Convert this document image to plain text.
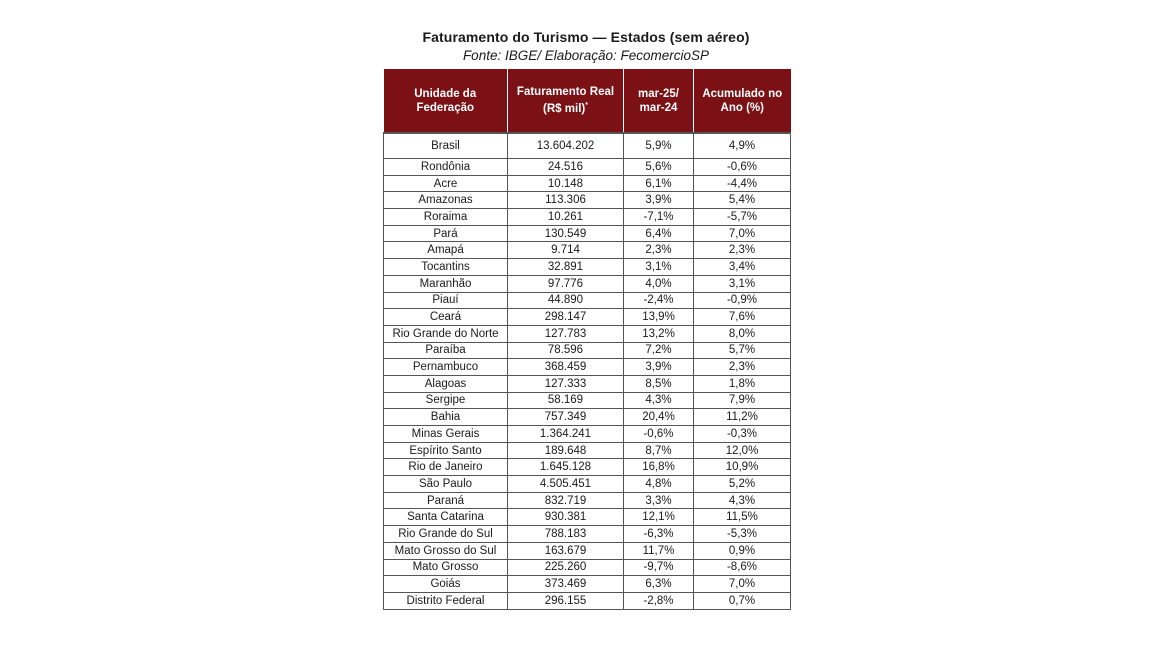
Faturamento do Turismo — Estados (sem aéreo)
Fonte: IBGE/ Elaboração: FecomercioSP
Unidade da Federação	Faturamento Real (R$ mil)*	mar-25/ mar-24	Acumulado no Ano (%)
Brasil	13.604.202	5,9%	4,9%
Rondônia	24.516	5,6%	-0,6%
Acre	10.148	6,1%	-4,4%
Amazonas	113.306	3,9%	5,4%
Roraima	10.261	-7,1%	-5,7%
Pará	130.549	6,4%	7,0%
Amapá	9.714	2,3%	2,3%
Tocantins	32.891	3,1%	3,4%
Maranhão	97.776	4,0%	3,1%
Piauí	44.890	-2,4%	-0,9%
Ceará	298.147	13,9%	7,6%
Rio Grande do Norte	127.783	13,2%	8,0%
Paraíba	78.596	7,2%	5,7%
Pernambuco	368.459	3,9%	2,3%
Alagoas	127.333	8,5%	1,8%
Sergipe	58.169	4,3%	7,9%
Bahia	757.349	20,4%	11,2%
Minas Gerais	1.364.241	-0,6%	-0,3%
Espírito Santo	189.648	8,7%	12,0%
Rio de Janeiro	1.645.128	16,8%	10,9%
São Paulo	4.505.451	4,8%	5,2%
Paraná	832.719	3,3%	4,3%
Santa Catarina	930.381	12,1%	11,5%
Rio Grande do Sul	788.183	-6,3%	-5,3%
Mato Grosso do Sul	163.679	11,7%	0,9%
Mato Grosso	225.260	-9,7%	-8,6%
Goiás	373.469	6,3%	7,0%
Distrito Federal	296.155	-2,8%	0,7%
